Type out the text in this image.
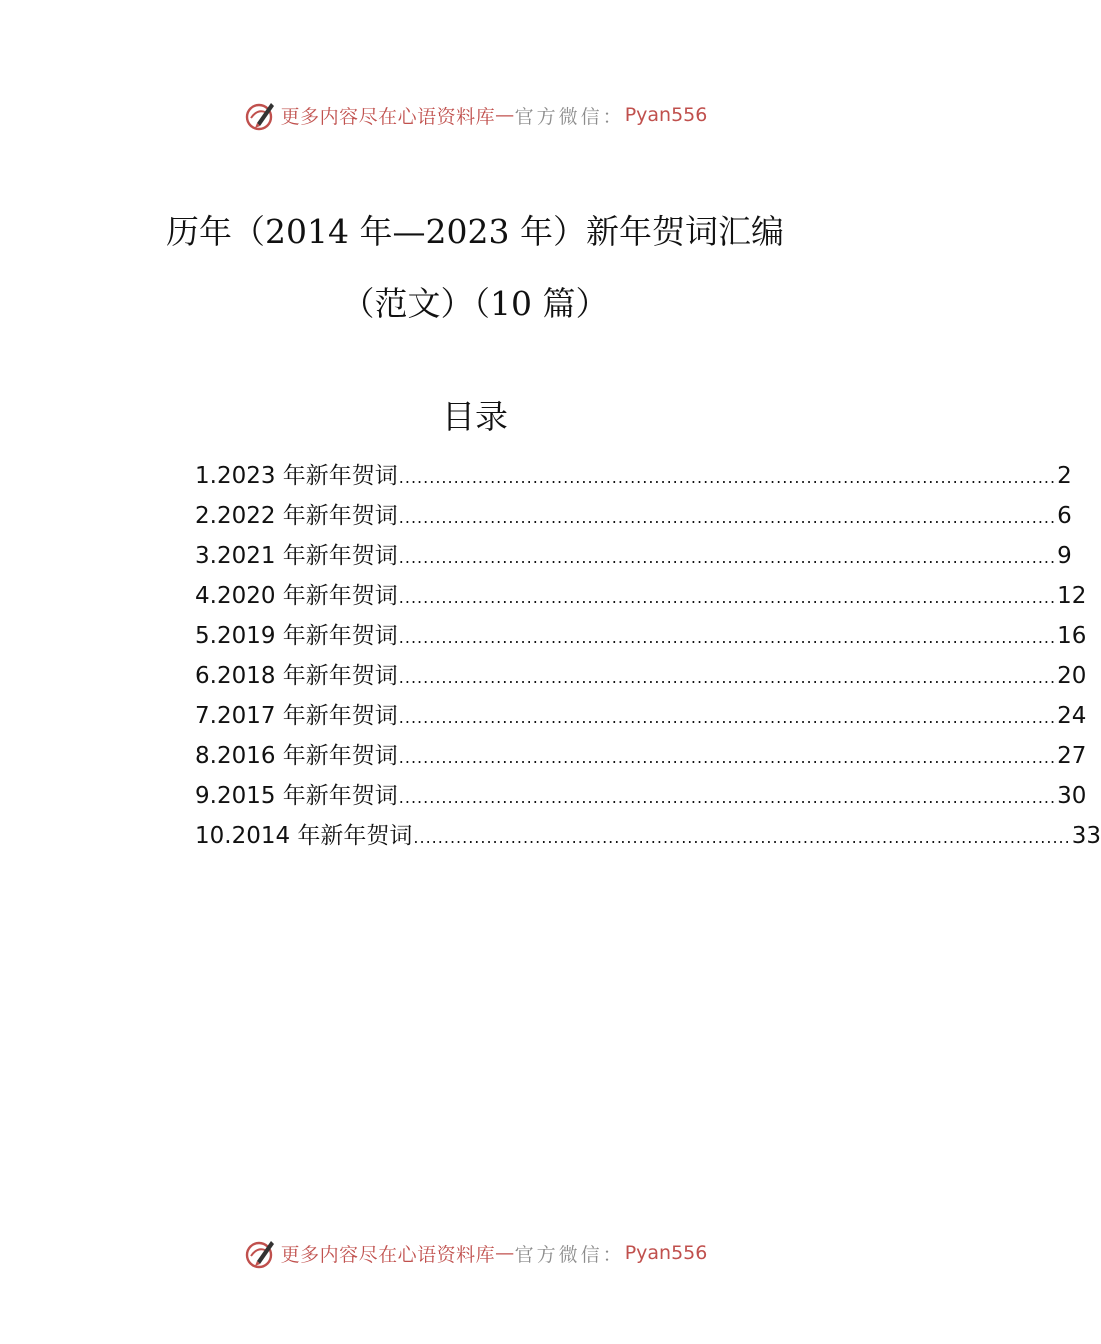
更多内容尽在心语资料库 — 官方微信： Pyan556
历年（2014 年—2023 年）新年贺词汇编
（范文）（10 篇）
目录
1.2023 年新年贺词 ............................................................................................................ 2
2.2022 年新年贺词 ............................................................................................................ 6
3.2021 年新年贺词 ............................................................................................................ 9
4.2020 年新年贺词 ............................................................................................................ 12
5.2019 年新年贺词 ............................................................................................................ 16
6.2018 年新年贺词 ............................................................................................................ 20
7.2017 年新年贺词 ............................................................................................................ 24
8.2016 年新年贺词 ............................................................................................................ 27
9.2015 年新年贺词 ............................................................................................................ 30
10.2014 年新年贺词 ............................................................................................................ 33
更多内容尽在心语资料库 — 官方微信： Pyan556
